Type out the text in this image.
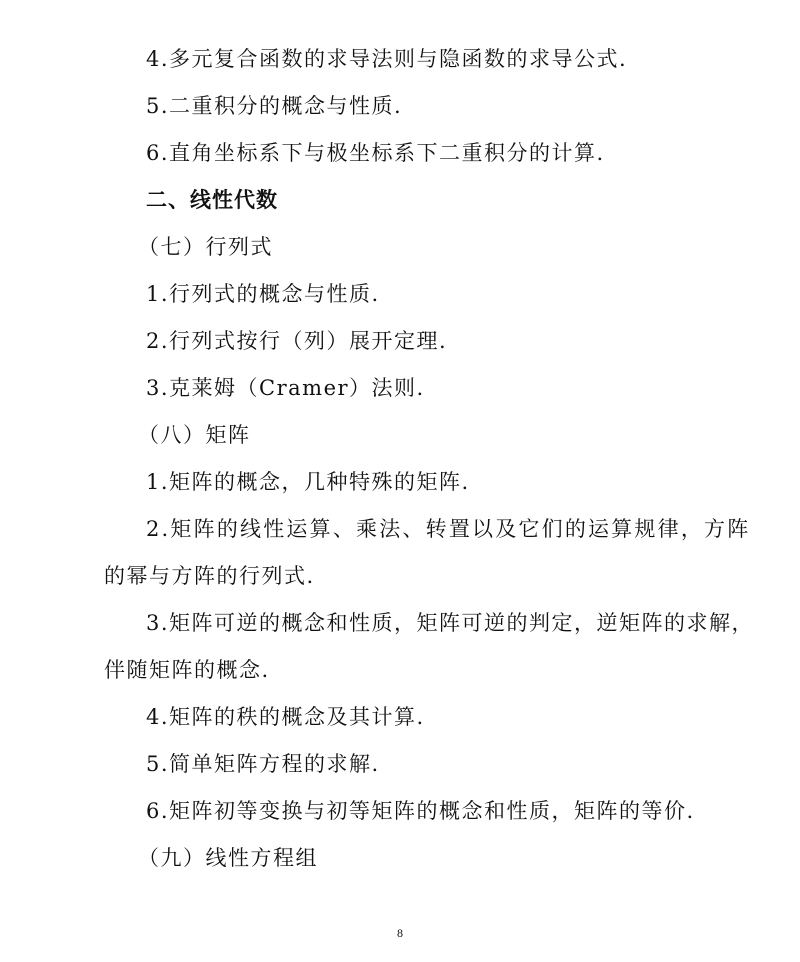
4.多元复合函数的求导法则与隐函数的求导公式.
5.二重积分的概念与性质.
6.直角坐标系下与极坐标系下二重积分的计算.
二、线性代数
（七）行列式
1.行列式的概念与性质.
2.行列式按行（列）展开定理.
3.克莱姆（Cramer）法则.
（八）矩阵
1.矩阵的概念，几种特殊的矩阵.
2.矩阵的线性运算、乘法、转置以及它们的运算规律，方阵
的幂与方阵的行列式.
3.矩阵可逆的概念和性质，矩阵可逆的判定，逆矩阵的求解，
伴随矩阵的概念.
4.矩阵的秩的概念及其计算.
5.简单矩阵方程的求解.
6.矩阵初等变换与初等矩阵的概念和性质，矩阵的等价.
（九）线性方程组
8
